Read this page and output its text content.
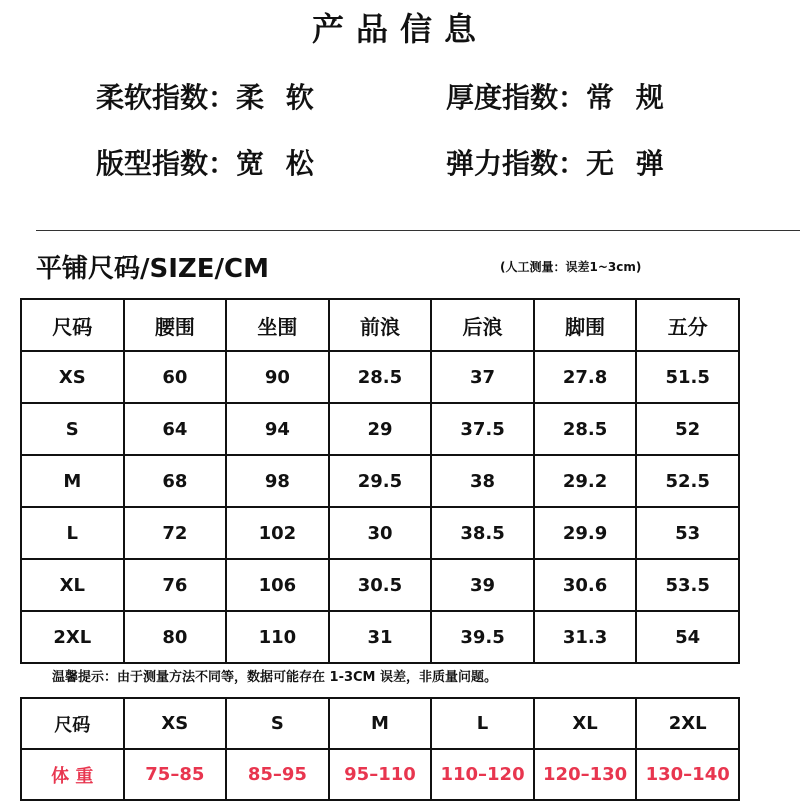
产品信息
柔软指数：柔 软	厚度指数：常 规
版型指数：宽 松	弹力指数：无 弹
平铺尺码/SIZE/CM	(人工测量：误差1~3cm)
尺码	腰围	坐围	前浪	后浪	脚围	五分
XS	60	90	28.5	37	27.8	51.5
S	64	94	29	37.5	28.5	52
M	68	98	29.5	38	29.2	52.5
L	72	102	30	38.5	29.9	53
XL	76	106	30.5	39	30.6	53.5
2XL	80	110	31	39.5	31.3	54
温馨提示：由于测量方法不同等，数据可能存在 1-3CM 误差，非质量问题。
尺码	XS	S	M	L	XL	2XL
体 重	75–85	85–95	95–110	110–120	120–130	130–140
